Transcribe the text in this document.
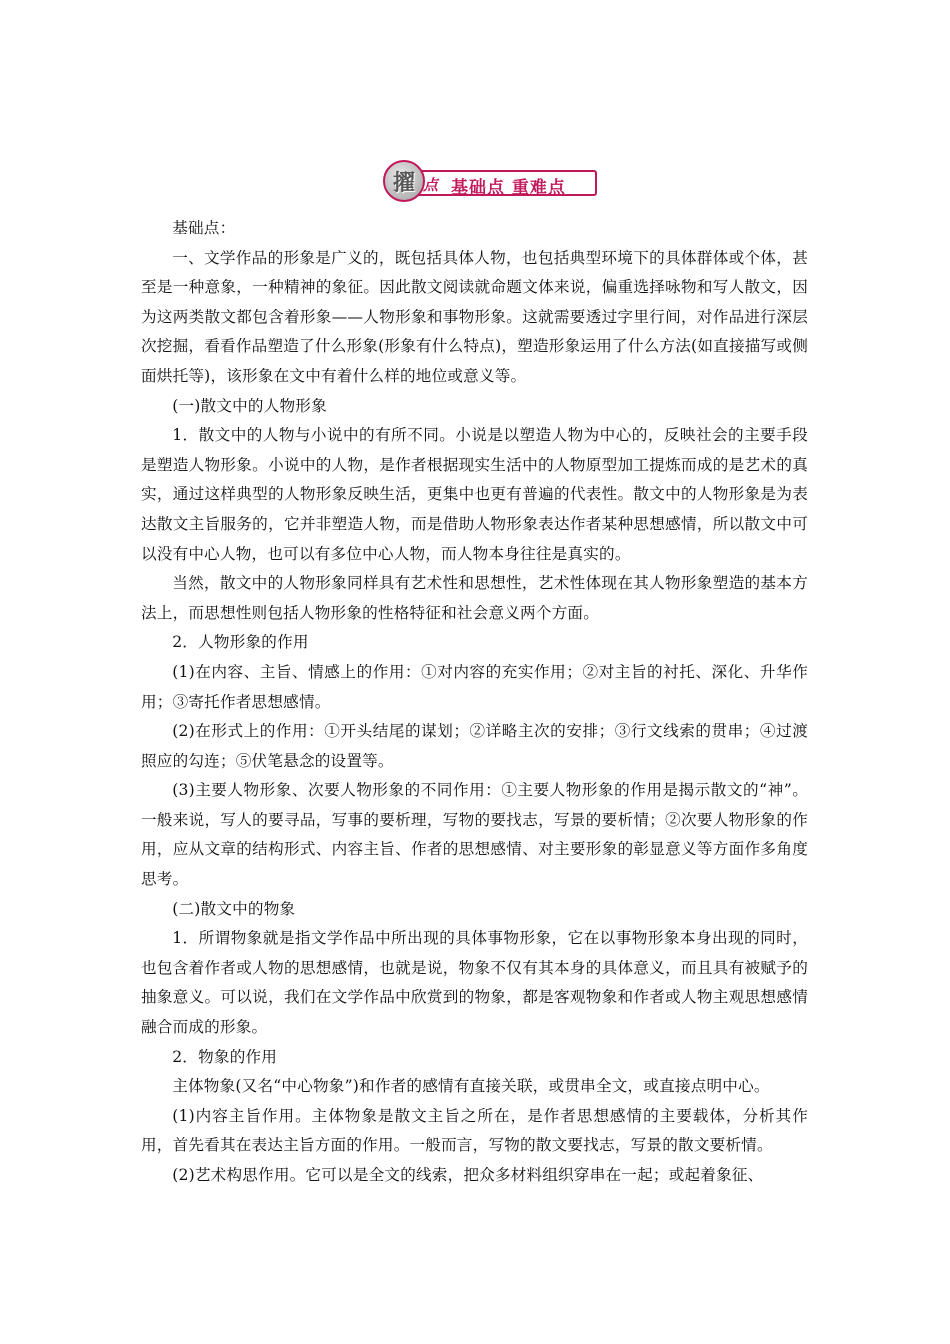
擢 点 基础点 重难点

基础点：

一、文学作品的形象是广义的，既包括具体人物，也包括典型环境下的具体群体或个体，甚至是一种意象，一种精神的象征。因此散文阅读就命题文体来说，偏重选择咏物和写人散文，因为这两类散文都包含着形象——人物形象和事物形象。这就需要透过字里行间，对作品进行深层次挖掘，看看作品塑造了什么形象(形象有什么特点)，塑造形象运用了什么方法(如直接描写或侧面烘托等)，该形象在文中有着什么样的地位或意义等。

(一)散文中的人物形象

1．散文中的人物与小说中的有所不同。小说是以塑造人物为中心的，反映社会的主要手段是塑造人物形象。小说中的人物，是作者根据现实生活中的人物原型加工提炼而成的是艺术的真实，通过这样典型的人物形象反映生活，更集中也更有普遍的代表性。散文中的人物形象是为表达散文主旨服务的，它并非塑造人物，而是借助人物形象表达作者某种思想感情，所以散文中可以没有中心人物，也可以有多位中心人物，而人物本身往往是真实的。

当然，散文中的人物形象同样具有艺术性和思想性，艺术性体现在其人物形象塑造的基本方法上，而思想性则包括人物形象的性格特征和社会意义两个方面。

2．人物形象的作用

(1)在内容、主旨、情感上的作用：①对内容的充实作用；②对主旨的衬托、深化、升华作用；③寄托作者思想感情。

(2)在形式上的作用：①开头结尾的谋划；②详略主次的安排；③行文线索的贯串；④过渡照应的勾连；⑤伏笔悬念的设置等。

(3)主要人物形象、次要人物形象的不同作用：①主要人物形象的作用是揭示散文的“神”。一般来说，写人的要寻品，写事的要析理，写物的要找志，写景的要析情；②次要人物形象的作用，应从文章的结构形式、内容主旨、作者的思想感情、对主要形象的彰显意义等方面作多角度思考。

(二)散文中的物象

1．所谓物象就是指文学作品中所出现的具体事物形象，它在以事物形象本身出现的同时，也包含着作者或人物的思想感情，也就是说，物象不仅有其本身的具体意义，而且具有被赋予的抽象意义。可以说，我们在文学作品中欣赏到的物象，都是客观物象和作者或人物主观思想感情融合而成的形象。

2．物象的作用

主体物象(又名“中心物象”)和作者的感情有直接关联，或贯串全文，或直接点明中心。

(1)内容主旨作用。主体物象是散文主旨之所在，是作者思想感情的主要载体，分析其作用，首先看其在表达主旨方面的作用。一般而言，写物的散文要找志，写景的散文要析情。

(2)艺术构思作用。它可以是全文的线索，把众多材料组织穿串在一起；或起着象征、
